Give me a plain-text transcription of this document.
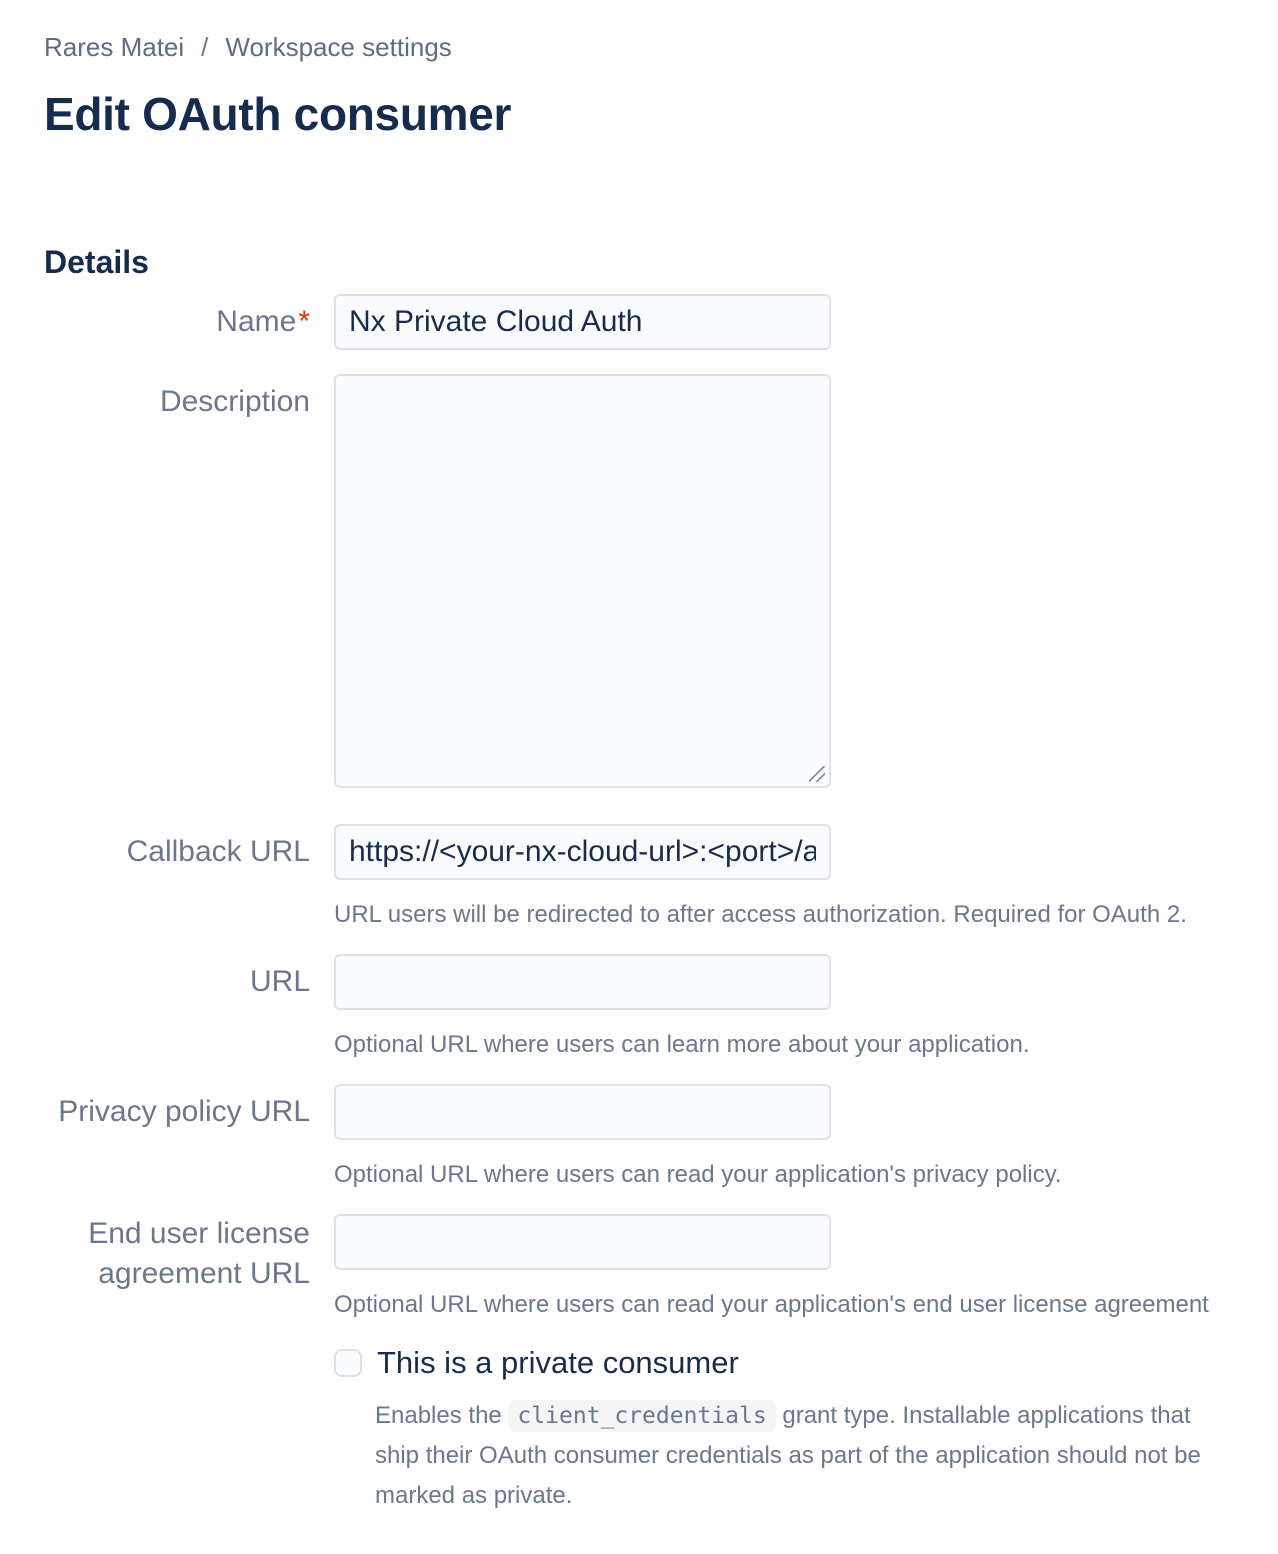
Rares Matei / Workspace settings
Edit OAuth consumer
Details
Name *
Nx Private Cloud Auth
Description
Callback URL
https://<your-nx-cloud-url>:<port>/auth
URL users will be redirected to after access authorization. Required for OAuth 2.
URL
Optional URL where users can learn more about your application.
Privacy policy URL
Optional URL where users can read your application's privacy policy.
End user license agreement URL
Optional URL where users can read your application's end user license agreement
This is a private consumer

Enables the client_credentials grant type. Installable applications that ship their OAuth consumer credentials as part of the application should not be marked as private.
